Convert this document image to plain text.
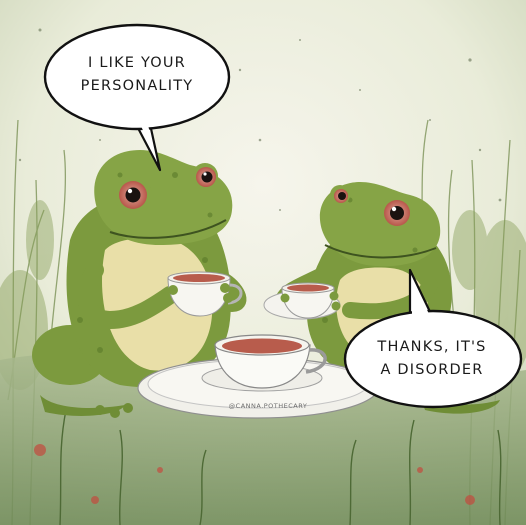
I LIKE YOUR
PERSONALITY
THANKS, IT'S
A DISORDER
@CANNA.POTHECARY
